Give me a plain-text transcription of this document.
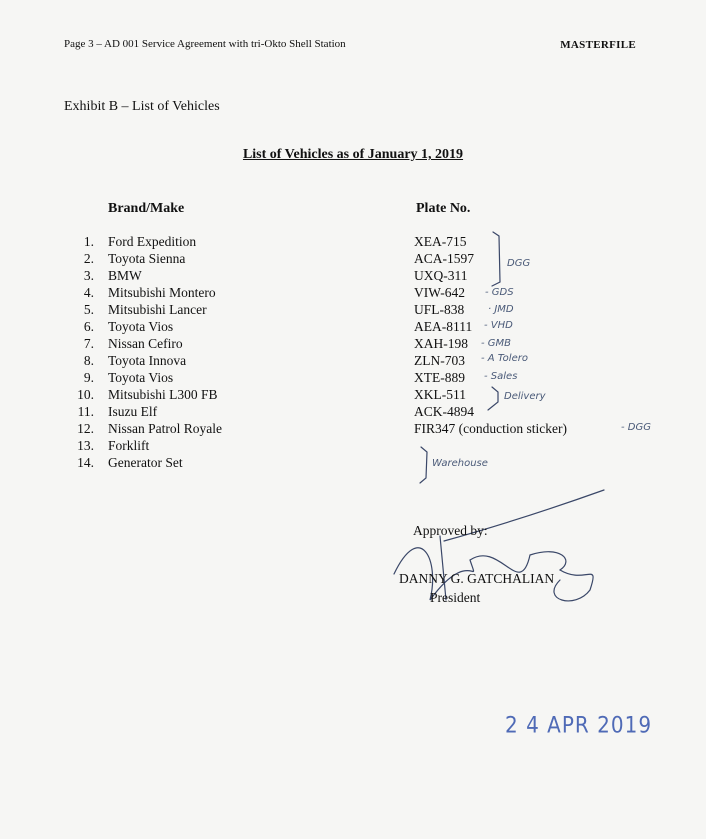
Page 3 – AD 001 Service Agreement with tri-Okto Shell Station	MASTERFILE
Exhibit B – List of Vehicles
List of Vehicles as of January 1, 2019
Brand/Make	Plate No.
1. Ford Expedition	XEA-715
2. Toyota Sienna	ACA-1597
3. BMW	UXQ-311
4. Mitsubishi Montero	VIW-642
5. Mitsubishi Lancer	UFL-838
6. Toyota Vios	AEA-8111
7. Nissan Cefiro	XAH-198
8. Toyota Innova	ZLN-703
9. Toyota Vios	XTE-889
10. Mitsubishi L300 FB	XKL-511
11. Isuzu Elf	ACK-4894
12. Nissan Patrol Royale	FIR347 (conduction sticker)
13. Forklift
14. Generator Set
DGG
- GDS
· JMD
- VHD
- GMB
- A Tolero
- Sales
Delivery
- DGG
Warehouse
Approved by:
DANNY G. GATCHALIAN
President
2 4 APR 2019
